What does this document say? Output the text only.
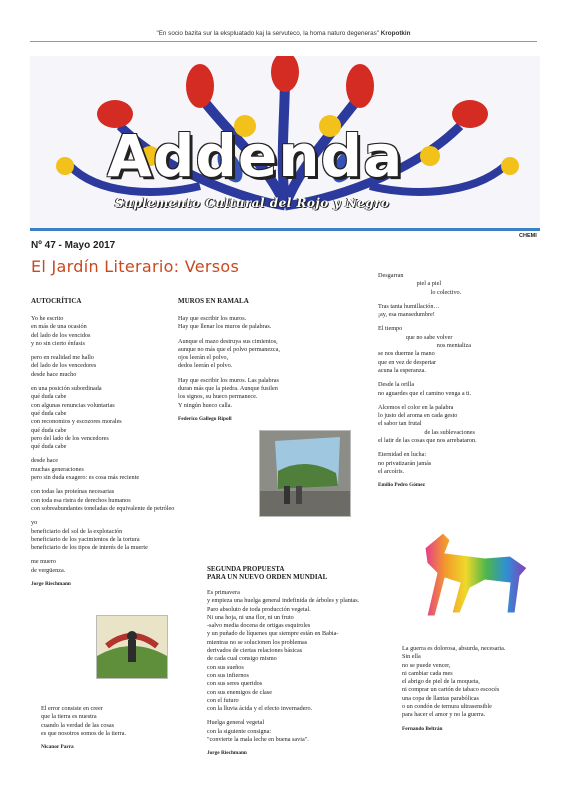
"En socio bazita sur la ekspluatado kaj la servuteco, la homa naturo degeneras" Kropotkin
Addenda
Suplemento Cultural del Rojo y Negro
CHEMI
Nº 47 - Mayo 2017
El Jardín Literario: Versos
AUTOCRÍTICA

Yo he escrito
en más de una ocasión
del lado de los vencidos
y no sin cierto énfasis

pero en realidad me hallo
del lado de los vencedores
desde hace mucho

en una posición subordinada
qué duda cabe
con algunas renuncias voluntarias
qué duda cabe
con reconomios y escozores morales
qué duda cabe
pero del lado de los vencedores
qué duda cabe

desde hace
muchas generaciones
pero sin duda exagero: es cosa más reciente

con todas las proteínas necesarias
con toda esa ristra de derechos humanos
con sobreabundantes toneladas de equivalente de petróleo

yo
beneficiario del sol de la explotación
beneficiario de los yacimientos de la tortura
beneficiario de los tipos de interés de la muerte

me muero
de vergüenza.

Jorge Riechmann

El error consiste en creer
que la tierra es nuestra
cuando la verdad de las cosas
es que nosotros somos de la tierra.

Nicanor Parra
MUROS EN RAMALA

Hay que escribir los muros.
Hay que llenar los muros de palabras.

Aunque el mazo destruya sus cimientos,
aunque no más que el polvo permanezca,
ojos leerán el polvo,
dedos leerán el polvo.

Hay que escribir los muros. Las palabras
duran más que la piedra. Aunque fusilen
los signos, su hueco permanece.
Y ningún hueco calla.

Federico Gallego Ripoll
SEGUNDA PROPUESTA
PARA UN NUEVO ORDEN MUNDIAL

Es primavera
y empieza una huelga general indefinida de árboles y plantas.
Paro absoluto de toda producción vegetal.
Ni una hoja, ni una flor, ni un fruto
-salvo media docena de ortigas esquiroles
y un puñado de líquenes que siempre están en Babia-
mientras no se solucionen los problemas
derivados de ciertas relaciones básicas
de cada cual consigo mismo
con sus sueños
con sus infiernos
con sus seres queridos
con sus enemigos de clase
con el futuro
con la lluvia ácida y el efecto invernadero.

Huelga general vegetal
con la siguiente consigna:
"convierte la mala leche en buena savia".

Jorge Riechmann

Desgarran
piel a piel
lo colectivo.

Tras tanta humillación…
¡ay, esa mansedumbre!

El tiempo
que no sabe volver
nos mentaliza
se nos duerme la mano
que en vez de despertar
acuna la esperanza.

Desde la orilla
no aguardes que el camino venga a ti.

Alcemos el color en la palabra
lo justo del aroma en cada gesto
el sabor tan frutal
de las sublevaciones
el latir de las cosas que nos arrebataron.

Eternidad en lucha:
no privatizarán jamás
el arcoíris.

Emilio Pedro Gómez

La guerra es dolorosa, absurda, necesaria.
Sin ella
no se puede vencer,
ni cambiar cada mes
el abrigo de piel de la moqueta,
ni comprar un cartón de tabaco escocés
una copa de llantas parabólicas
o un condón de ternura ultrasensible
para hacer el amor y no la guerra.

Fernando Beltrán
